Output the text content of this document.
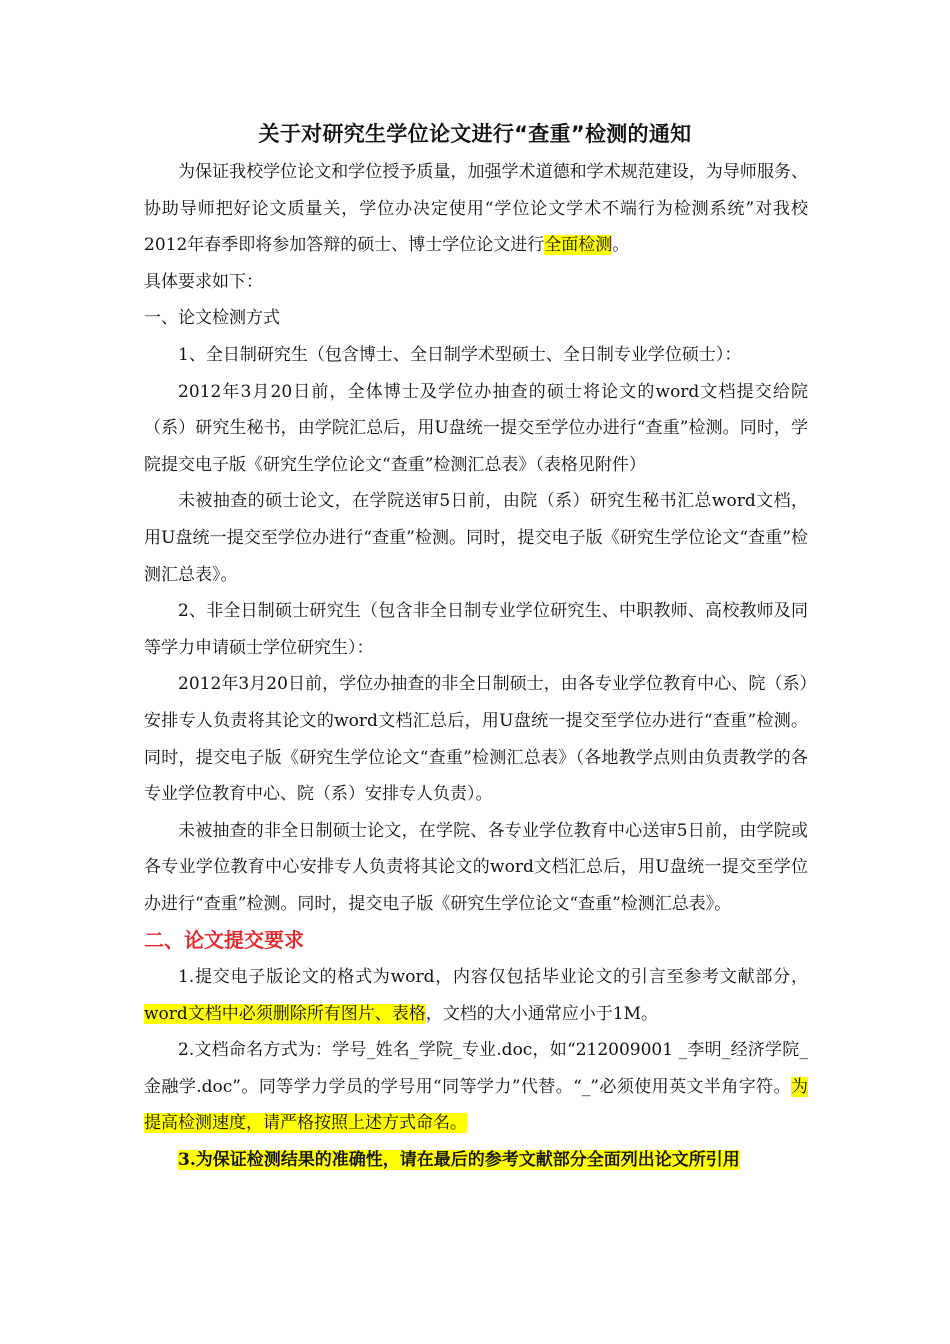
关于对研究生学位论文进行“查重”检测的通知

为保证我校学位论文和学位授予质量，加强学术道德和学术规范建设，为导师服务、协助导师把好论文质量关，学位办决定使用“学位论文学术不端行为检测系统”对我校2012年春季即将参加答辩的硕士、博士学位论文进行全面检测。

具体要求如下：

一、论文检测方式

1、全日制研究生（包含博士、全日制学术型硕士、全日制专业学位硕士）：

2012年3月20日前，全体博士及学位办抽查的硕士将论文的word文档提交给院（系）研究生秘书，由学院汇总后，用U盘统一提交至学位办进行“查重”检测。同时，学院提交电子版《研究生学位论文“查重”检测汇总表》（表格见附件）

未被抽查的硕士论文，在学院送审5日前，由院（系）研究生秘书汇总word文档，用U盘统一提交至学位办进行“查重”检测。同时，提交电子版《研究生学位论文“查重”检测汇总表》。

2、非全日制硕士研究生（包含非全日制专业学位研究生、中职教师、高校教师及同等学力申请硕士学位研究生）：

2012年3月20日前，学位办抽查的非全日制硕士，由各专业学位教育中心、院（系）安排专人负责将其论文的word文档汇总后，用U盘统一提交至学位办进行“查重”检测。同时，提交电子版《研究生学位论文“查重”检测汇总表》（各地教学点则由负责教学的各专业学位教育中心、院（系）安排专人负责）。

未被抽查的非全日制硕士论文，在学院、各专业学位教育中心送审5日前，由学院或各专业学位教育中心安排专人负责将其论文的word文档汇总后，用U盘统一提交至学位办进行“查重”检测。同时，提交电子版《研究生学位论文“查重”检测汇总表》。

二、论文提交要求

1.提交电子版论文的格式为word，内容仅包括毕业论文的引言至参考文献部分，word文档中必须删除所有图片、表格，文档的大小通常应小于1M。

2.文档命名方式为：学号_姓名_学院_专业.doc，如“212009001 _李明_经济学院_金融学.doc”。同等学力学员的学号用“同等学力”代替。“_”必须使用英文半角字符。为提高检测速度，请严格按照上述方式命名。

3.为保证检测结果的准确性，请在最后的参考文献部分全面列出论文所引用
